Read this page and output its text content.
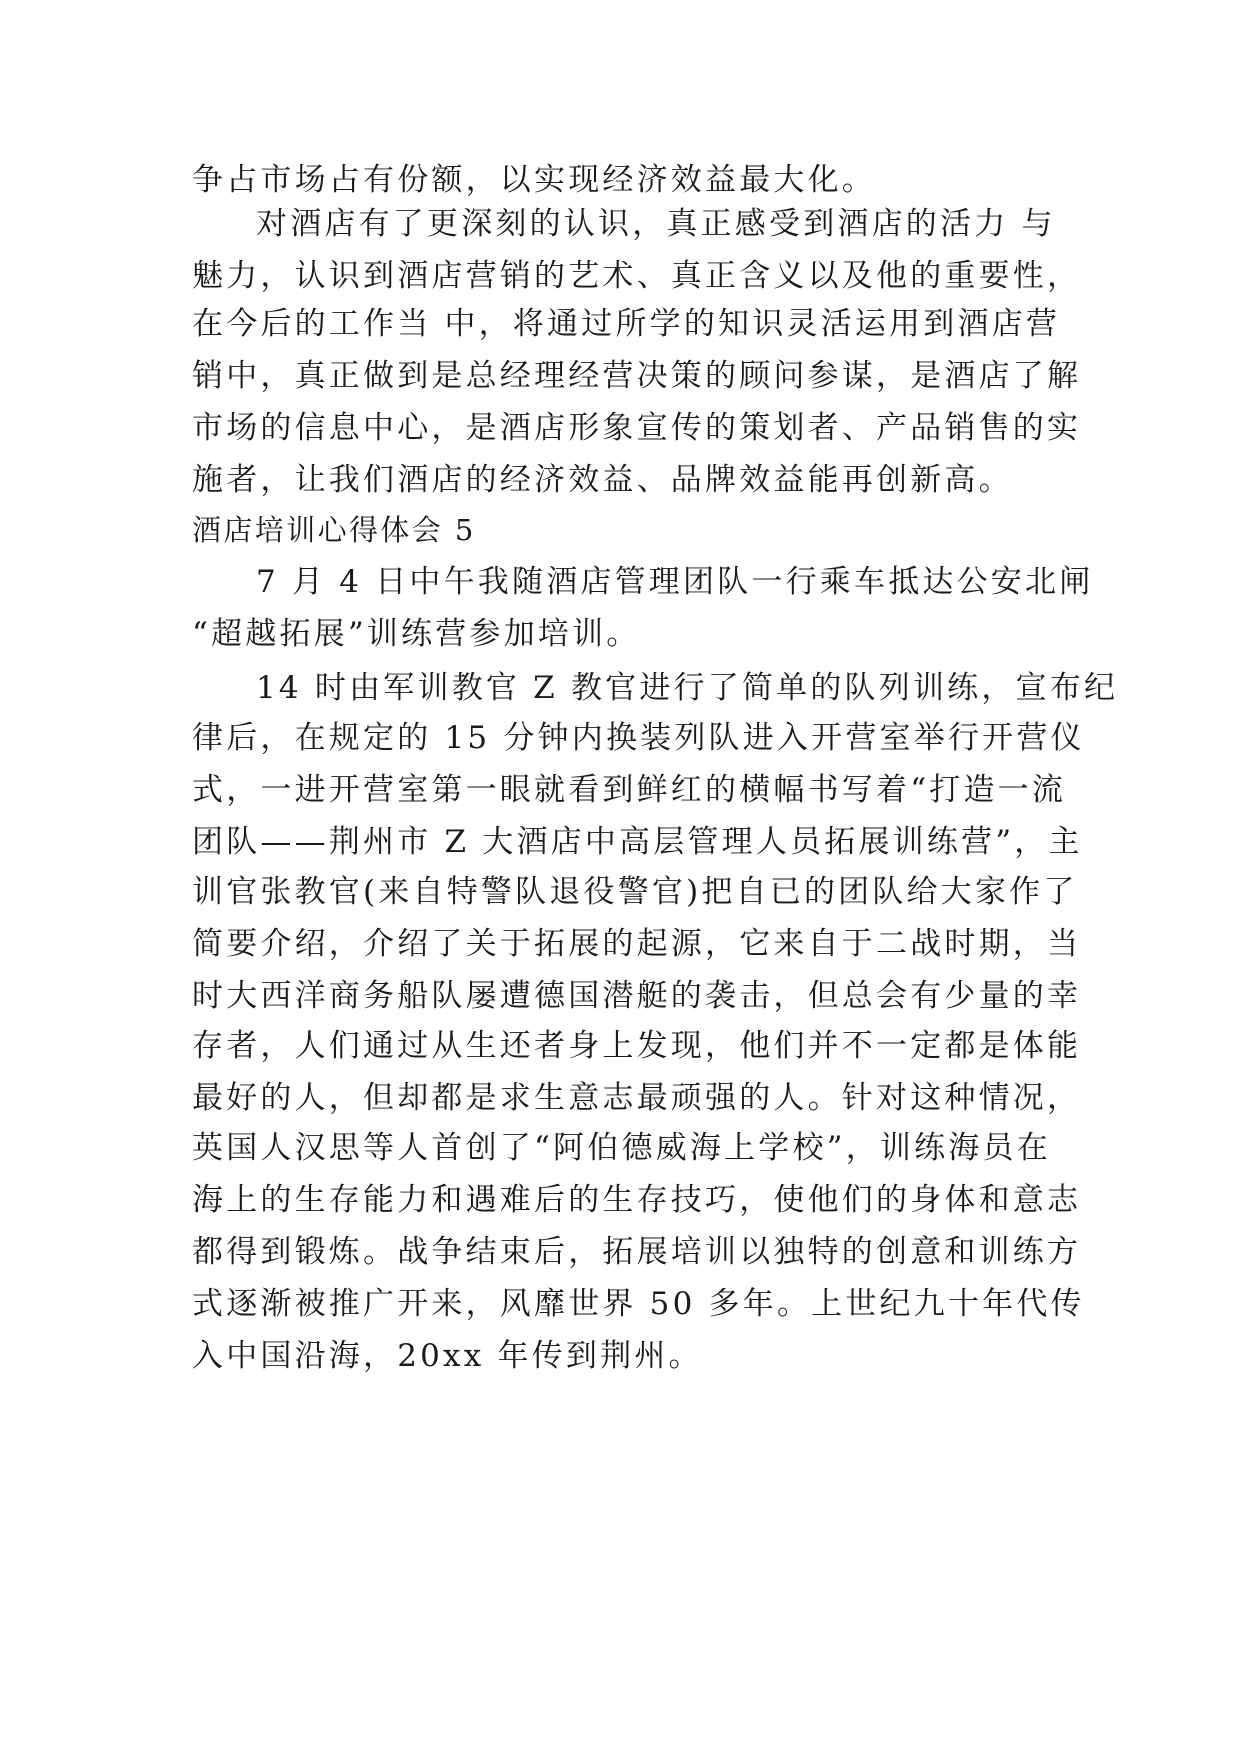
争占市场占有份额，以实现经济效益最大化。
对酒店有了更深刻的认识，真正感受到酒店的活力 与
魅力，认识到酒店营销的艺术、真正含义以及他的重要性，
在今后的工作当 中，将通过所学的知识灵活运用到酒店营
销中，真正做到是总经理经营决策的顾问参谋，是酒店了解
市场的信息中心，是酒店形象宣传的策划者、产品销售的实
施者，让我们酒店的经济效益、品牌效益能再创新高。
酒店培训心得体会 5
7 月 4 日中午我随酒店管理团队一行乘车抵达公安北闸
“超越拓展”训练营参加培训。
14 时由军训教官 Z 教官进行了简单的队列训练，宣布纪
律后，在规定的 15 分钟内换装列队进入开营室举行开营仪
式，一进开营室第一眼就看到鲜红的横幅书写着“打造一流
团队——荆州市 Z 大酒店中高层管理人员拓展训练营”，主
训官张教官(来自特警队退役警官)把自已的团队给大家作了
简要介绍，介绍了关于拓展的起源，它来自于二战时期，当
时大西洋商务船队屡遭德国潜艇的袭击，但总会有少量的幸
存者，人们通过从生还者身上发现，他们并不一定都是体能
最好的人，但却都是求生意志最顽强的人。针对这种情况，
英国人汉思等人首创了“阿伯德威海上学校”，训练海员在
海上的生存能力和遇难后的生存技巧，使他们的身体和意志
都得到锻炼。战争结束后，拓展培训以独特的创意和训练方
式逐渐被推广开来，风靡世界 50 多年。上世纪九十年代传
入中国沿海，20xx 年传到荆州。
